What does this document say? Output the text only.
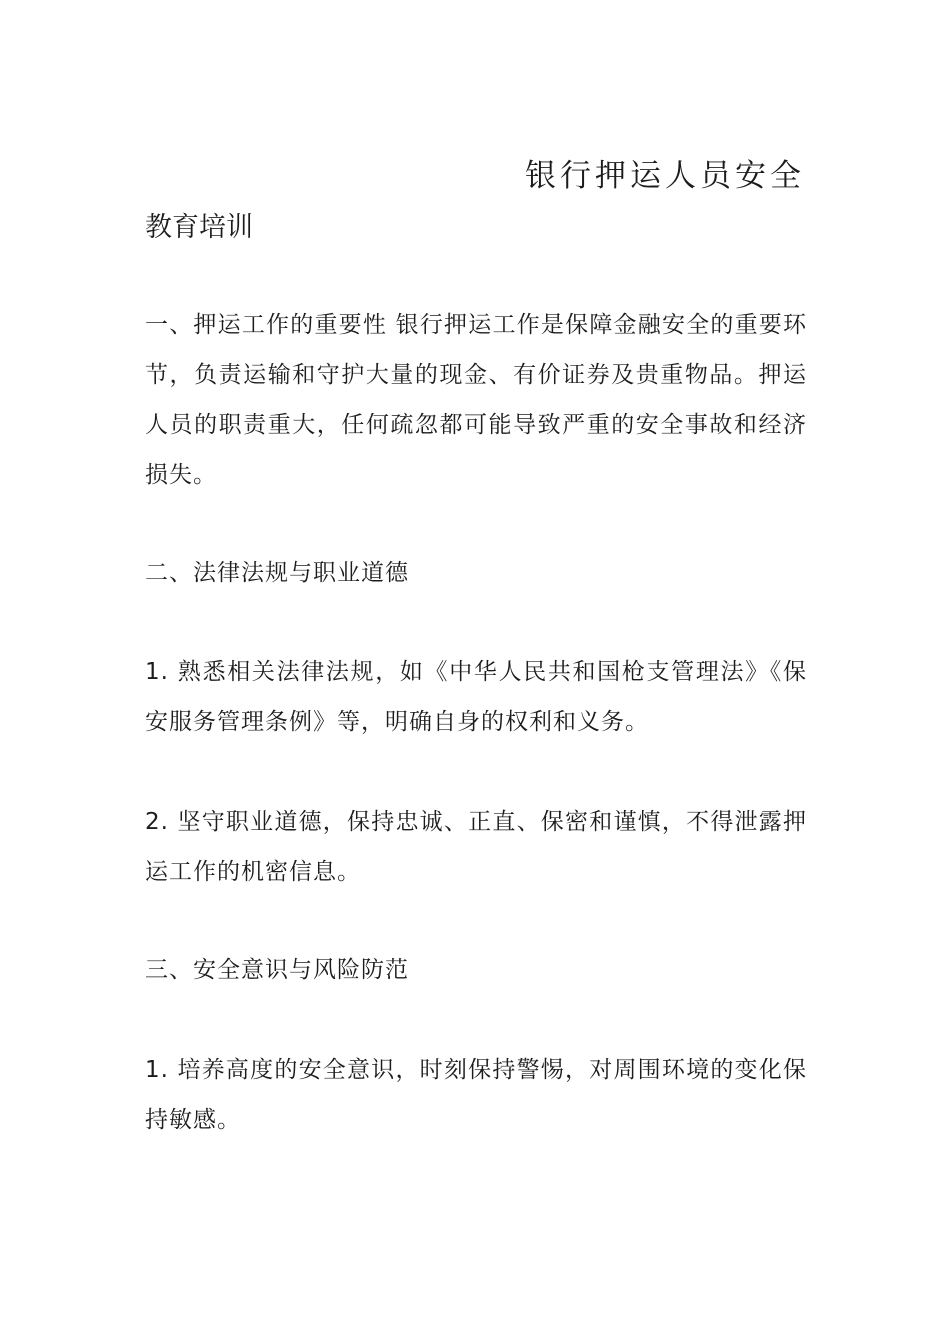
银行押运人员安全
教育培训
一、押运工作的重要性 银行押运工作是保障金融安全的重要环节，负责运输和守护大量的现金、有价证券及贵重物品。押运人员的职责重大，任何疏忽都可能导致严重的安全事故和经济损失。
二、法律法规与职业道德
1. 熟悉相关法律法规，如《中华人民共和国枪支管理法》《保安服务管理条例》等，明确自身的权利和义务。
2. 坚守职业道德，保持忠诚、正直、保密和谨慎，不得泄露押运工作的机密信息。
三、安全意识与风险防范
1. 培养高度的安全意识，时刻保持警惕，对周围环境的变化保持敏感。
